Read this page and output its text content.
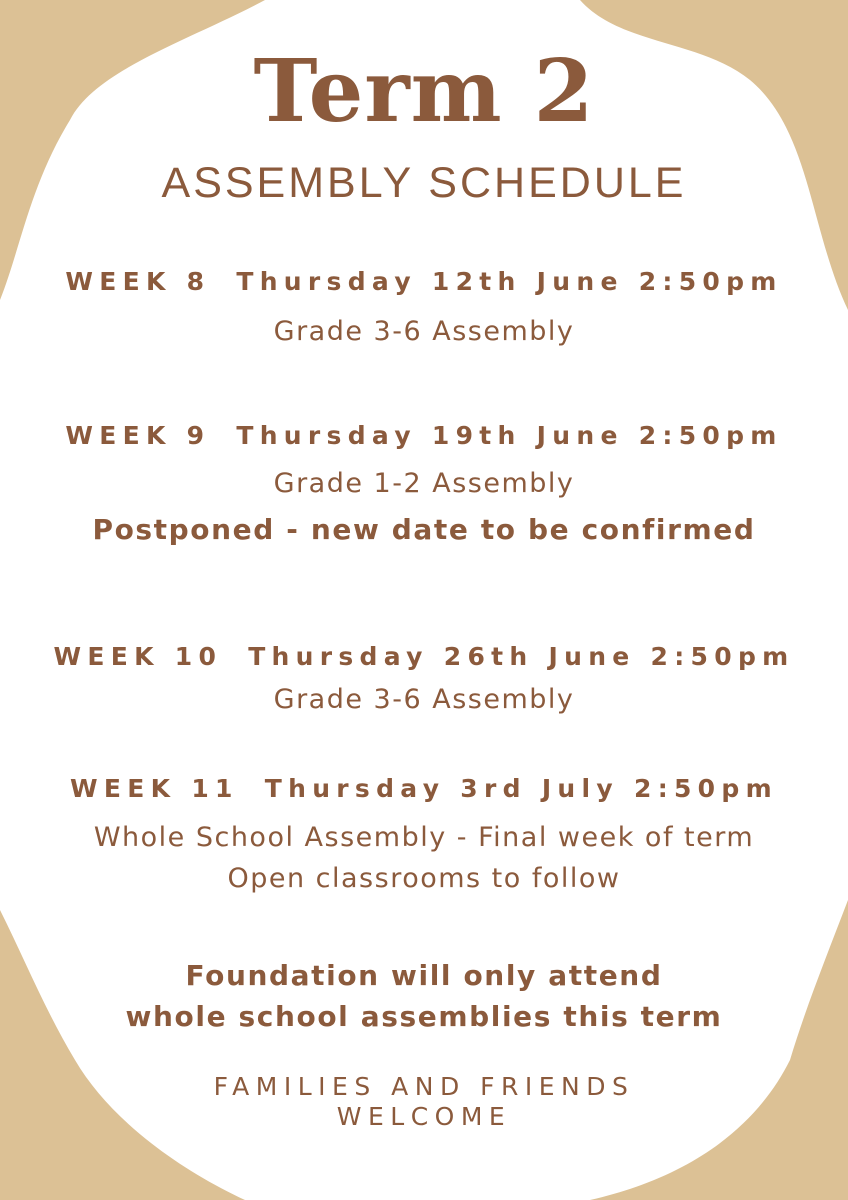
Term 2
ASSEMBLY SCHEDULE
WEEK 8 Thursday 12th June 2:50pm
Grade 3-6 Assembly
WEEK 9 Thursday 19th June 2:50pm
Grade 1-2 Assembly
Postponed - new date to be confirmed
WEEK 10 Thursday 26th June 2:50pm
Grade 3-6 Assembly
WEEK 11 Thursday 3rd July 2:50pm
Whole School Assembly - Final week of term
Open classrooms to follow
Foundation will only attend
whole school assemblies this term
FAMILIES AND FRIENDS
WELCOME
